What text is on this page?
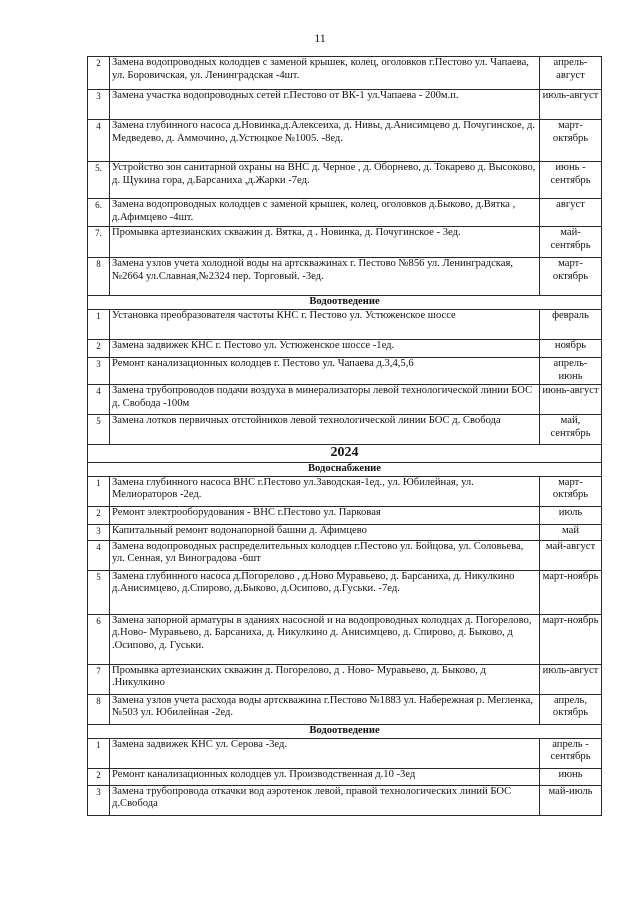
11
2	Замена водопроводных колодцев с заменой крышек, колец, оголовков г.Пестово ул. Чапаева, ул. Боровичская, ул. Ленинградская -4шт.	апрель-август
3	Замена участка водопроводных сетей г.Пестово от ВК-1 ул.Чапаева - 200м.п.	июль-август
4	Замена глубинного насоса д.Новинка,д.Алексеиха, д. Нивы, д.Анисимцево д. Почугинское, д. Медведево, д. Аммочино, д.Устюцкое №1005. -8ед.	март-октябрь
5.	Устройство зон санитарной охраны на ВНС д. Черное , д. Оборнево, д. Токарево д. Высоково, д. Щукина гора, д.Барсаниха ,д.Жарки -7ед.	июнь - сентябрь
6.	Замена водопроводных колодцев с заменой крышек, колец, оголовков д.Быково, д.Вятка , д.Афимцево -4шт.	август
7.	Промывка артезианских скважин д. Вятка, д . Новинка, д. Почугинское - 3ед.	май-сентябрь
8	Замена узлов учета холодной воды на артскважинах г. Пестово №856 ул. Ленинградская, №2664 ул.Славная,№2324 пер. Торговый. -3ед.	март-октябрь
Водоотведение		
1	Установка преобразователя частоты КНС г. Пестово ул. Устюженское шоссе	февраль
2	Замена задвижек КНС г. Пестово ул. Устюженское шоссе -1ед.	ноябрь
3	Ремонт канализационных колодцев г. Пестово ул. Чапаева д.3,4,5,6	апрель-июнь
4	Замена трубопроводов подачи воздуха в минерализаторы левой технологической линии БОС д. Свобода -100м	июнь-август
5	Замена лотков первичных отстойников левой технологической линии БОС д. Свобода	май, сентябрь
2024		
Водоснабжение		
1	Замена глубинного насоса ВНС г.Пестово ул.Заводская-1ед., ул. Юбилейная, ул. Мелиораторов -2ед.	март-октябрь
2	Ремонт электрооборудования - ВНС г.Пестово ул. Парковая	июль
3	Капитальный ремонт водонапорной башни д. Афимцево	май
4	Замена водопроводных распределительных колодцев г.Пестово ул. Бойцова, ул. Соловьева, ул. Сенная, ул Виноградова -6шт	май-август
5	Замена глубинного насоса д.Погорелово , д.Ново Муравьево, д. Барсаниха, д. Никулкино д.Анисимцево, д.Спирово, д.Быково, д.Осипово, д.Гуськи. -7ед.	март-ноябрь
6	Замена запорной арматуры в зданиях насосной и на водопроводных колодцах д. Погорелово, д.Ново- Муравьево, д. Барсаниха, д. Никулкино д. Анисимцево, д. Спирово, д. Быково, д .Осипово, д. Гуськи.	март-ноябрь
7	Промывка артезианских скважин д. Погорелово, д . Ново- Муравьево, д. Быково, д .Никулкино	июль-август
8	Замена узлов учета расхода воды артскважина г.Пестово №1883 ул. Набережная р. Мегленка, №503 ул. Юбилейная -2ед.	апрель, октябрь
Водоотведение		
1	Замена задвижек КНС ул. Серова -3ед.	апрель - сентябрь
2	Ремонт канализационных колодцев ул. Производственная д.10 -3ед	июнь
3	Замена трубопровода откачки вод аэротенок левой, правой технологических линий БОС д.Свобода	май-июль
